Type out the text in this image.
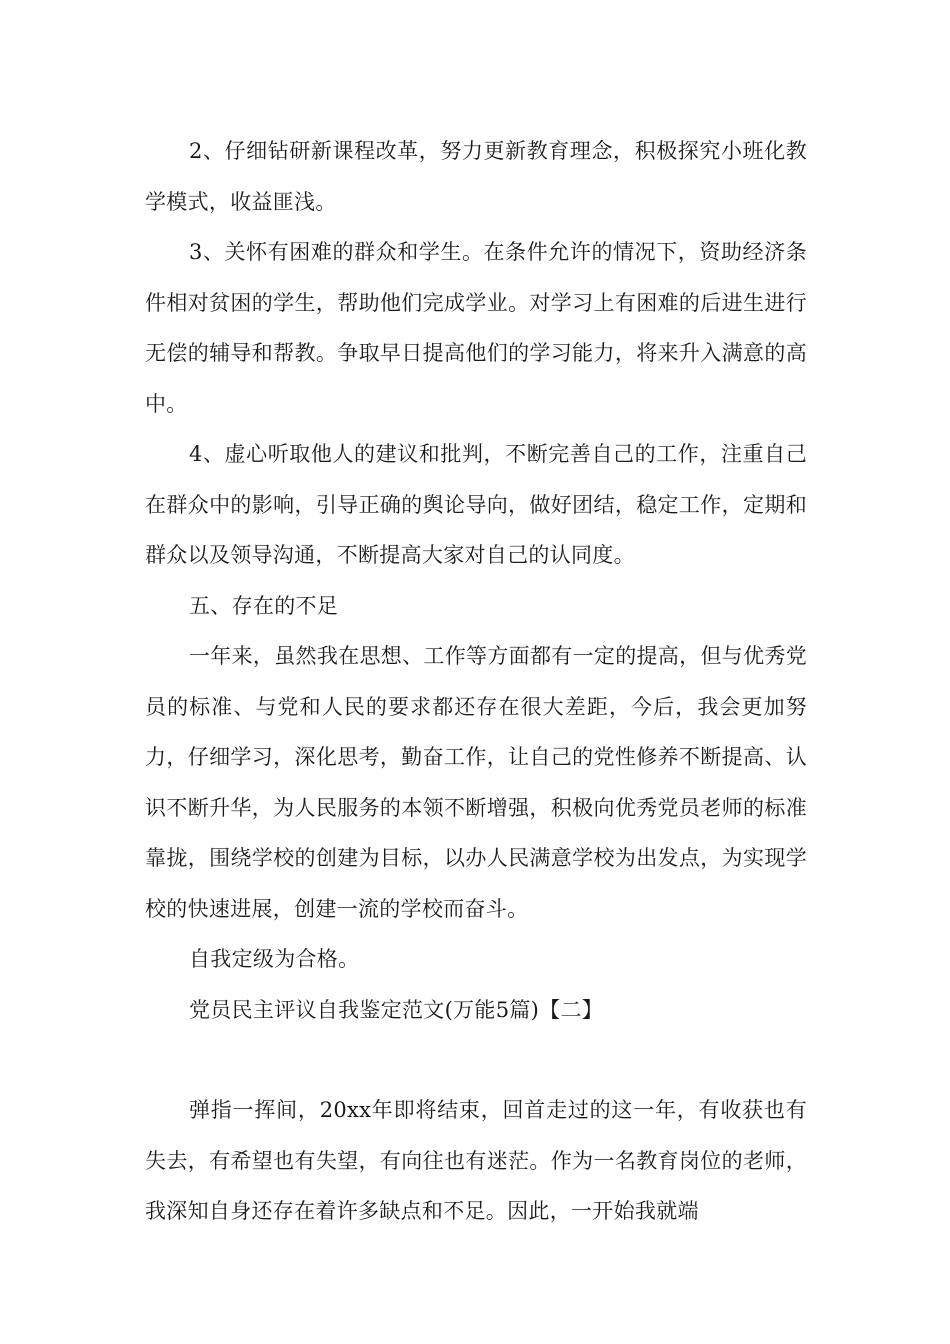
2、仔细钻研新课程改革，努力更新教育理念，积极探究小班化教学模式，收益匪浅。

3、关怀有困难的群众和学生。在条件允许的情况下，资助经济条件相对贫困的学生，帮助他们完成学业。对学习上有困难的后进生进行无偿的辅导和帮教。争取早日提高他们的学习能力，将来升入满意的高中。

4、虚心听取他人的建议和批判，不断完善自己的工作，注重自己在群众中的影响，引导正确的舆论导向，做好团结，稳定工作，定期和群众以及领导沟通，不断提高大家对自己的认同度。

五、存在的不足

一年来，虽然我在思想、工作等方面都有一定的提高，但与优秀党员的标准、与党和人民的要求都还存在很大差距，今后，我会更加努力，仔细学习，深化思考，勤奋工作，让自己的党性修养不断提高、认识不断升华，为人民服务的本领不断增强，积极向优秀党员老师的标准靠拢，围绕学校的创建为目标，以办人民满意学校为出发点，为实现学校的快速进展，创建一流的学校而奋斗。

自我定级为合格。

党员民主评议自我鉴定范文(万能5篇)【二】

弹指一挥间，20xx年即将结束，回首走过的这一年，有收获也有失去，有希望也有失望，有向往也有迷茫。作为一名教育岗位的老师，我深知自身还存在着许多缺点和不足。因此，一开始我就端
